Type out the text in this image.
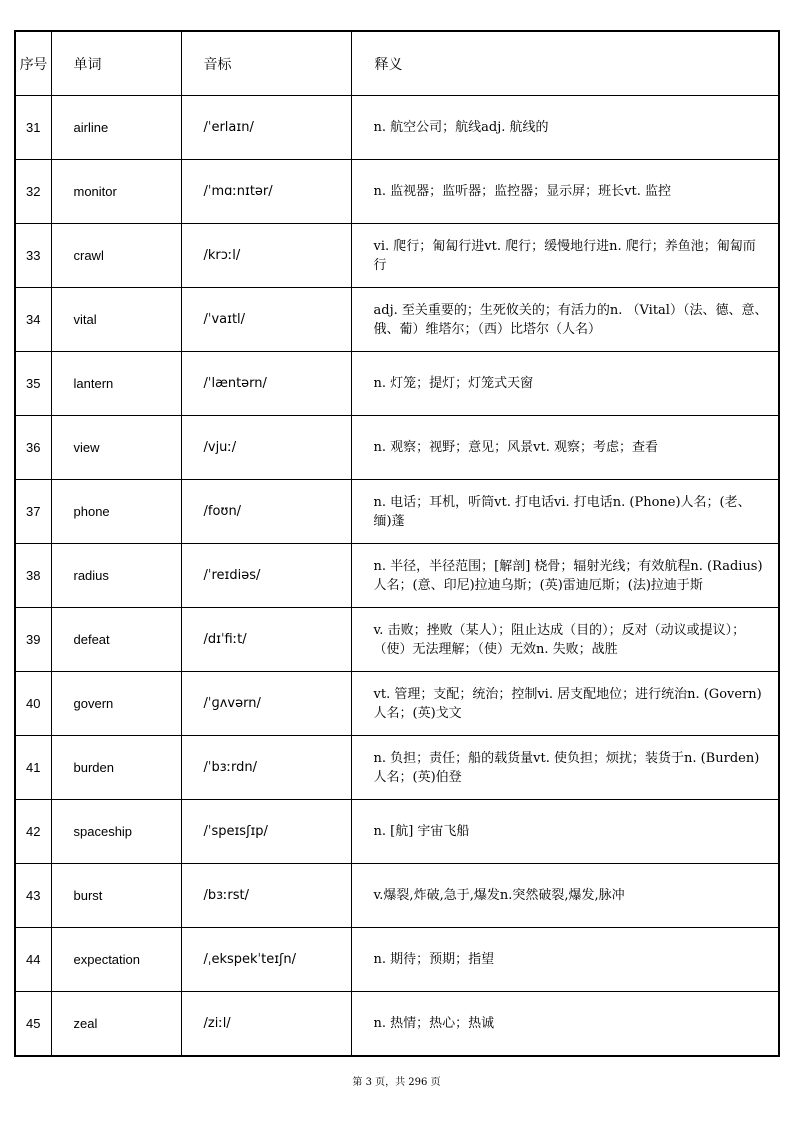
序号	单词	音标	释义
31	airline	/ˈerlaɪn/	n. 航空公司；航线adj. 航线的
32	monitor	/ˈmɑːnɪtər/	n. 监视器；监听器；监控器；显示屏；班长vt. 监控
33	crawl	/krɔːl/	vi. 爬行；匍匐行进vt. 爬行；缓慢地行进n. 爬行；养鱼池；匍匐而行
34	vital	/ˈvaɪtl/	adj. 至关重要的；生死攸关的；有活力的n. （Vital）（法、德、意、俄、葡）维塔尔；（西）比塔尔（人名）
35	lantern	/ˈlæntərn/	n. 灯笼；提灯；灯笼式天窗
36	view	/vjuː/	n. 观察；视野；意见；风景vt. 观察；考虑；查看
37	phone	/foʊn/	n. 电话；耳机，听筒vt. 打电话vi. 打电话n. (Phone)人名；(老、缅)蓬
38	radius	/ˈreɪdiəs/	n. 半径，半径范围；[解剖] 桡骨；辐射光线；有效航程n. (Radius)人名；(意、印尼)拉迪乌斯；(英)雷迪厄斯；(法)拉迪于斯
39	defeat	/dɪˈfiːt/	v. 击败；挫败（某人）；阻止达成（目的）；反对（动议或提议）；（使）无法理解；（使）无效n. 失败；战胜
40	govern	/ˈɡʌvərn/	vt. 管理；支配；统治；控制vi. 居支配地位；进行统治n. (Govern)人名；(英)戈文
41	burden	/ˈbɜːrdn/	n. 负担；责任；船的载货量vt. 使负担；烦扰；装货于n. (Burden)人名；(英)伯登
42	spaceship	/ˈspeɪsʃɪp/	n. [航] 宇宙飞船
43	burst	/bɜːrst/	v.爆裂,炸破,急于,爆发n.突然破裂,爆发,脉冲
44	expectation	/ˌekspekˈteɪʃn/	n. 期待；预期；指望
45	zeal	/ziːl/	n. 热情；热心；热诚
第 3 页，共 296 页
